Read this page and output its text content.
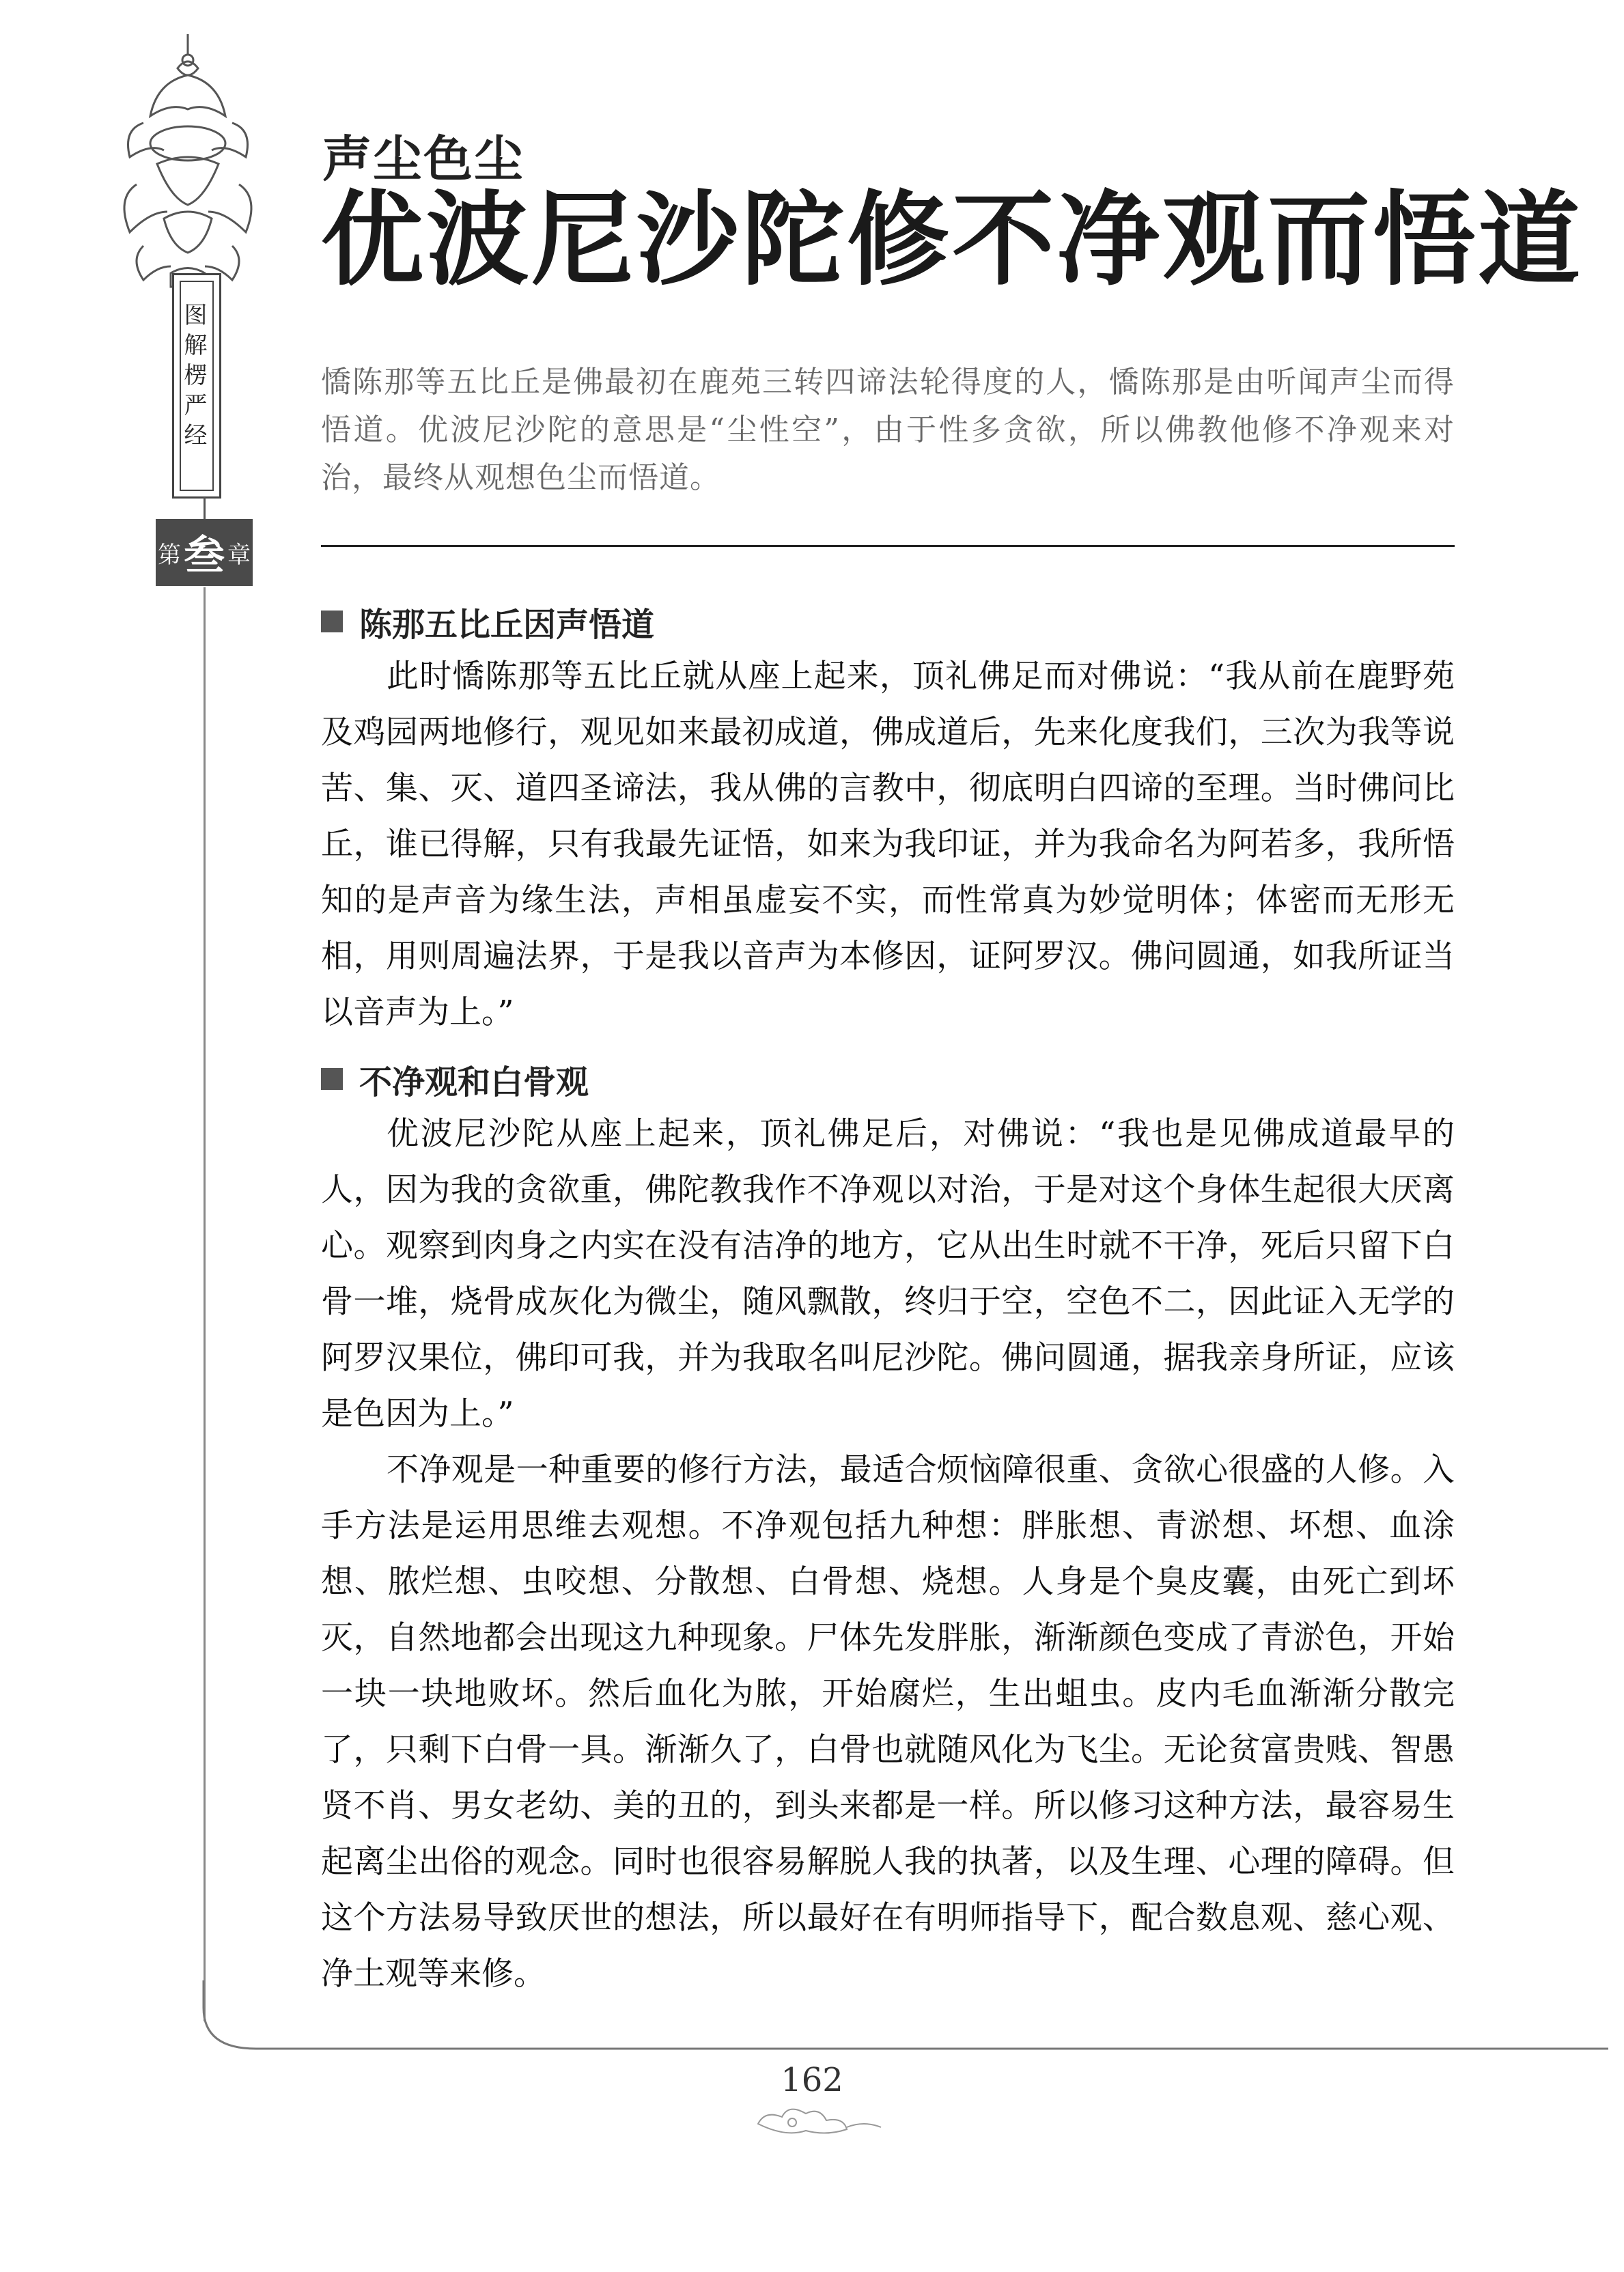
图解楞严经
第 叁 章
声尘色尘
优波尼沙陀修不净观而悟道
憍陈那等五比丘是佛最初在鹿苑三转四谛法轮得度的人，憍陈那是由听闻声尘而得悟道。优波尼沙陀的意思是“尘性空”，由于性多贪欲，所以佛教他修不净观来对治，最终从观想色尘而悟道。
陈那五比丘因声悟道

此时憍陈那等五比丘就从座上起来，顶礼佛足而对佛说：“我从前在鹿野苑及鸡园两地修行，观见如来最初成道，佛成道后，先来化度我们，三次为我等说苦、集、灭、道四圣谛法，我从佛的言教中，彻底明白四谛的至理。当时佛问比丘，谁已得解，只有我最先证悟，如来为我印证，并为我命名为阿若多，我所悟知的是声音为缘生法，声相虽虚妄不实，而性常真为妙觉明体；体密而无形无相，用则周遍法界，于是我以音声为本修因，证阿罗汉。佛问圆通，如我所证当以音声为上。”

不净观和白骨观

优波尼沙陀从座上起来，顶礼佛足后，对佛说：“我也是见佛成道最早的人，因为我的贪欲重，佛陀教我作不净观以对治，于是对这个身体生起很大厌离心。观察到肉身之内实在没有洁净的地方，它从出生时就不干净，死后只留下白骨一堆，烧骨成灰化为微尘，随风飘散，终归于空，空色不二，因此证入无学的阿罗汉果位，佛印可我，并为我取名叫尼沙陀。佛问圆通，据我亲身所证，应该是色因为上。”

不净观是一种重要的修行方法，最适合烦恼障很重、贪欲心很盛的人修。入手方法是运用思维去观想。不净观包括九种想：胖胀想、青淤想、坏想、血涂想、脓烂想、虫咬想、分散想、白骨想、烧想。人身是个臭皮囊，由死亡到坏灭，自然地都会出现这九种现象。尸体先发胖胀，渐渐颜色变成了青淤色，开始一块一块地败坏。然后血化为脓，开始腐烂，生出蛆虫。皮内毛血渐渐分散完了，只剩下白骨一具。渐渐久了，白骨也就随风化为飞尘。无论贫富贵贱、智愚贤不肖、男女老幼、美的丑的，到头来都是一样。所以修习这种方法，最容易生起离尘出俗的观念。同时也很容易解脱人我的执著，以及生理、心理的障碍。但这个方法易导致厌世的想法，所以最好在有明师指导下，配合数息观、慈心观、净土观等来修。

162
